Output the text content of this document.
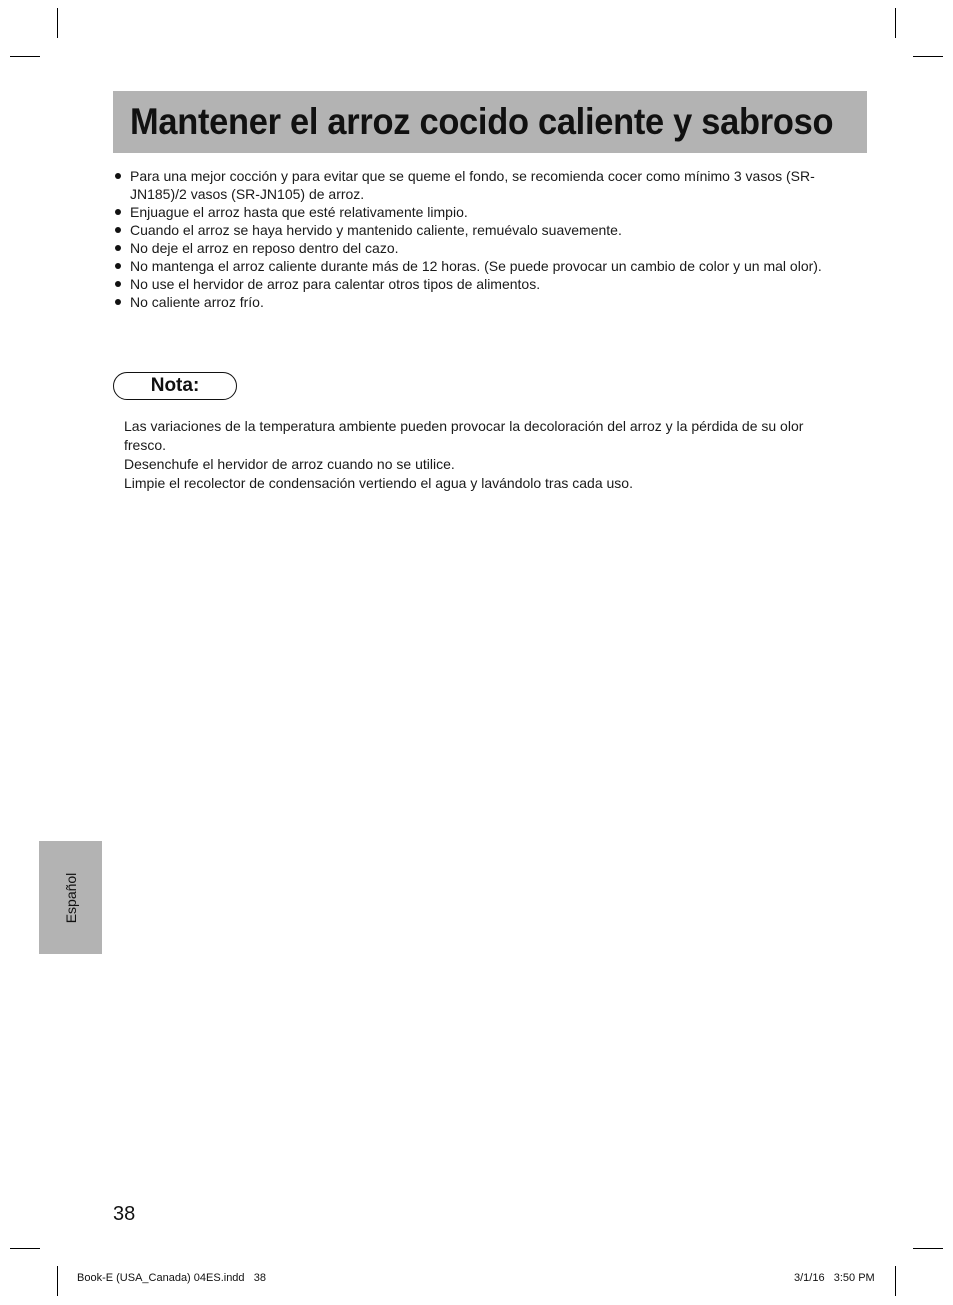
Mantener el arroz cocido caliente y sabroso
Para una mejor cocción y para evitar que se queme el fondo, se recomienda cocer como mínimo 3 vasos (SR-JN185)/2 vasos (SR-JN105) de arroz.
Enjuague el arroz hasta que esté relativamente limpio.
Cuando el arroz se haya hervido y mantenido caliente, remuévalo suavemente.
No deje el arroz en reposo dentro del cazo.
No mantenga el arroz caliente durante más de 12 horas. (Se puede provocar un cambio de color y un mal olor).
No use el hervidor de arroz para calentar otros tipos de alimentos.
No caliente arroz frío.
Nota:

Las variaciones de la temperatura ambiente pueden provocar la decoloración del arroz y la pérdida de su olor fresco.

Desenchufe el hervidor de arroz cuando no se utilice.

Limpie el recolector de condensación vertiendo el agua y lavándolo tras cada uso.

Español
38
Book-E (USA_Canada) 04ES.indd   38	3/1/16   3:50 PM
